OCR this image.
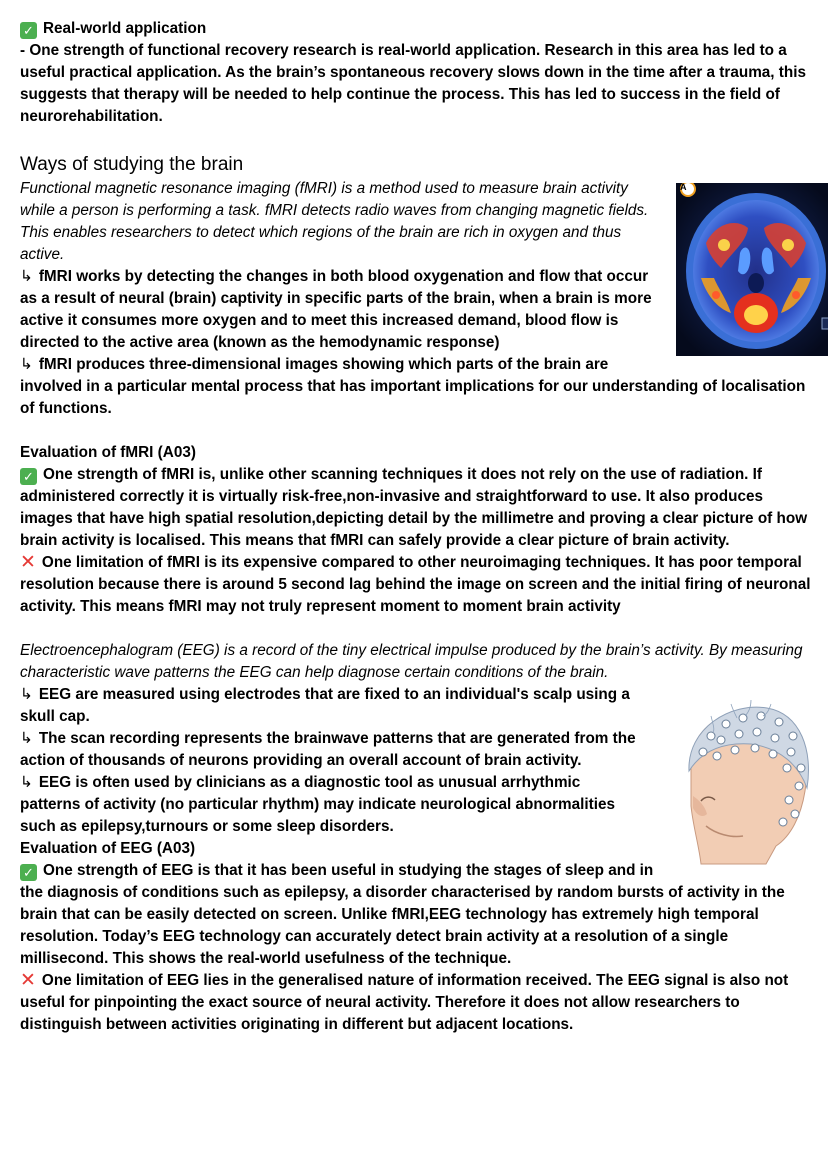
✓ Real-world application

- One strength of functional recovery research is real-world application. Research in this area has led to a useful practical application. As the brain’s spontaneous recovery slows down in the time after a trauma, this suggests that therapy will be needed to help continue the process. This has led to success in the field of neurorehabilitation.

Ways of studying the brain
A

Functional magnetic resonance imaging (fMRI) is a method used to measure brain activity while a person is performing a task. fMRI detects radio waves from changing magnetic fields. This enables researchers to detect which regions of the brain are rich in oxygen and thus active.

↳ fMRI works by detecting the changes in both blood oxygenation and flow that occur as a result of neural (brain) captivity in specific parts of the brain, when a brain is more active it consumes more oxygen and to meet this increased demand, blood flow is directed to the active area (known as the hemodynamic response)

↳ fMRI produces three-dimensional images showing which parts of the brain are involved in a particular mental process that has important implications for our understanding of localisation of functions.

Evaluation of fMRI (A03)

✓ One strength of fMRI is, unlike other scanning techniques it does not rely on the use of radiation. If administered correctly it is virtually risk-free,non-invasive and straightforward to use. It also produces images that have high spatial resolution,depicting detail by the millimetre and proving a clear picture of how brain activity is localised. This means that fMRI can safely provide a clear picture of brain activity.

✕ One limitation of fMRI is its expensive compared to other neuroimaging techniques. It has poor temporal resolution because there is around 5 second lag behind the image on screen and the initial firing of neuronal activity. This means fMRI may not truly represent moment to moment brain activity

Electroencephalogram (EEG) is a record of the tiny electrical impulse produced by the brain’s activity. By measuring characteristic wave patterns the EEG can help diagnose certain conditions of the brain.

↳ EEG are measured using electrodes that are fixed to an individual's scalp using a skull cap.

↳ The scan recording represents the brainwave patterns that are generated from the action of thousands of neurons providing an overall account of brain activity.

↳ EEG is often used by clinicians as a diagnostic tool as unusual arrhythmic patterns of activity (no particular rhythm) may indicate neurological abnormalities such as epilepsy,turnours or some sleep disorders.

Evaluation of EEG (A03)

✓ One strength of EEG is that it has been useful in studying the stages of sleep and in the diagnosis of conditions such as epilepsy, a disorder characterised by random bursts of activity in the brain that can be easily detected on screen. Unlike fMRI,EEG technology has extremely high temporal resolution. Today’s EEG technology can accurately detect brain activity at a resolution of a single millisecond. This shows the real-world usefulness of the technique.

✕ One limitation of EEG lies in the generalised nature of information received. The EEG signal is also not useful for pinpointing the exact source of neural activity. Therefore it does not allow researchers to distinguish between activities originating in different but adjacent locations.
